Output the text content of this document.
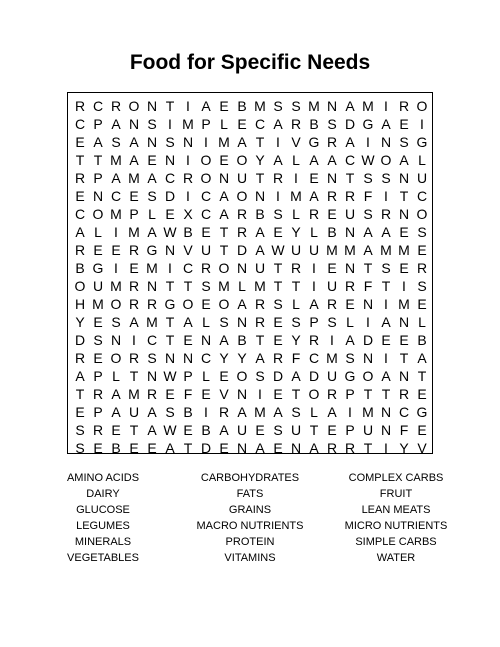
Food for Specific Needs
R C R O N T I A E B M S S M N A M I R O
C P A N S I M P L E C A R B S D G A E I
E A S A N S N I M A T I V G R A I N S G
T T M A E N I O E O Y A L A A C W O A L
R P A M A C R O N U T R I E N T S S N U
E N C E S D I C A O N I M A R R F I T C
C O M P L E X C A R B S L R E U S R N O
A L I M A W B E T R A E Y L B N A A E S
R E E R G N V U T D A W U U M M A M M E
B G I E M I C R O N U T R I E N T S E R
O U M R N T T S M L M T T I U R F T I S
H M O R R G O E O A R S L A R E N I M E
Y E S A M T A L S N R E S P S L I A N L
D S N I C T E N A B T E Y R I A D E E B
R E O R S N N C Y Y A R F C M S N I T A
A P L T N W P L E O S D A D U G O A N T
T R A M R E F E V N I E T O R P T T R E
E P A U A S B I R A M A S L A I M N C G
S R E T A W E B A U E S U T E P U N F E
S E B E E A T D E N A E N A R R T I Y V
AMINO ACIDS	CARBOHYDRATES	COMPLEX CARBS
DAIRY	FATS	FRUIT
GLUCOSE	GRAINS	LEAN MEATS
LEGUMES	MACRO NUTRIENTS	MICRO NUTRIENTS
MINERALS	PROTEIN	SIMPLE CARBS
VEGETABLES	VITAMINS	WATER
